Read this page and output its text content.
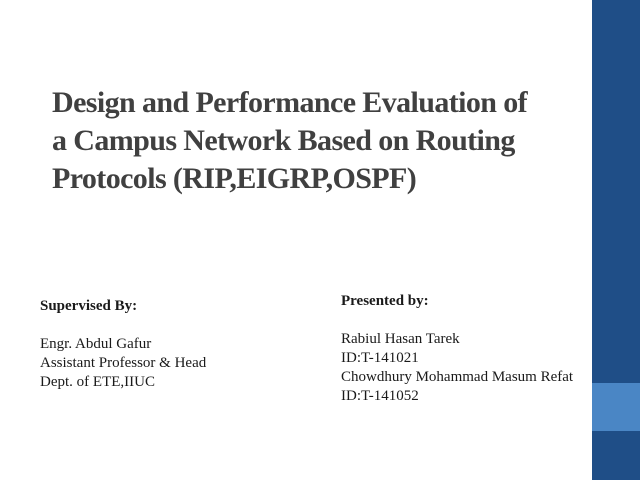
Design and Performance Evaluation of
a Campus Network Based on Routing
Protocols (RIP,EIGRP,OSPF)
Supervised By:
Engr. Abdul Gafur
Assistant Professor & Head
Dept. of ETE,IIUC
Presented by:
Rabiul Hasan Tarek
ID:T-141021
Chowdhury Mohammad Masum Refat
ID:T-141052
